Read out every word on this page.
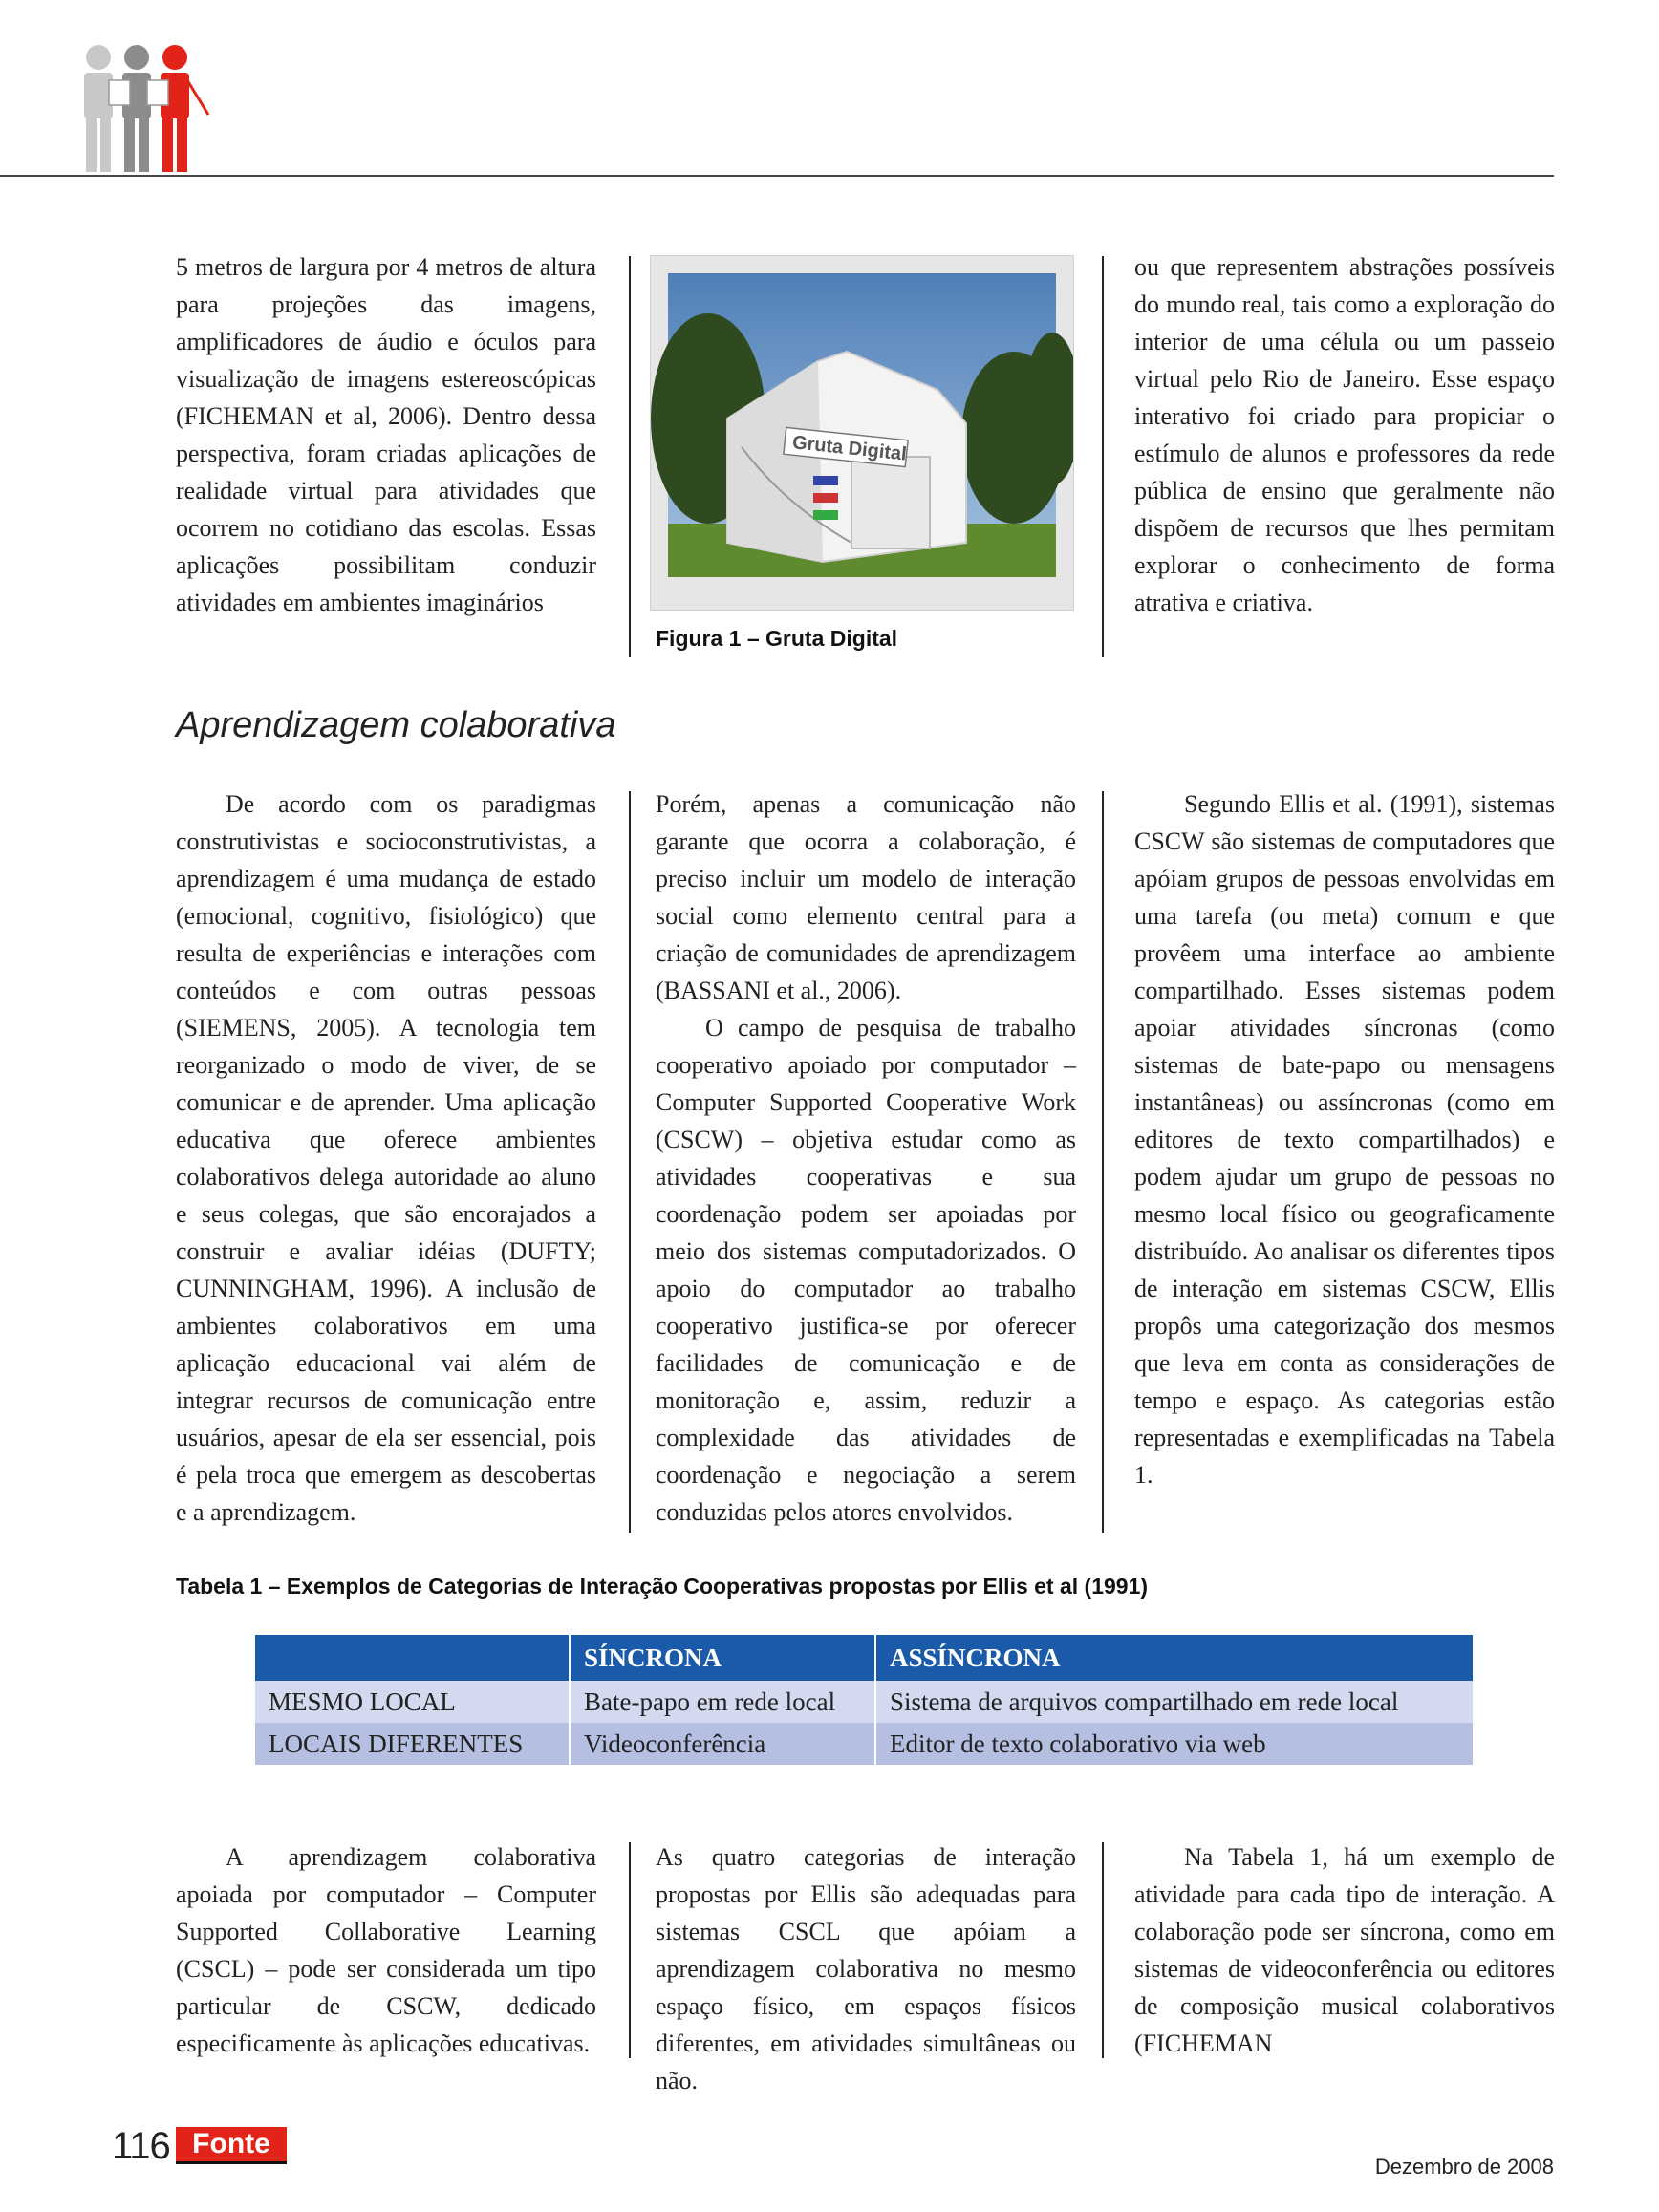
5 metros de largura por 4 metros de altura para projeções das imagens, amplificadores de áudio e óculos para visualização de imagens estereoscópicas (FICHEMAN et al, 2006). Dentro dessa perspectiva, foram criadas aplicações de realidade virtual para atividades que ocorrem no cotidiano das escolas. Essas aplicações possibilitam conduzir atividades em ambientes imaginários

Gruta Digital
Figura 1 – Gruta Digital

ou que representem abstrações possíveis do mundo real, tais como a exploração do interior de uma célula ou um passeio virtual pelo Rio de Janeiro. Esse espaço interativo foi criado para propiciar o estímulo de alunos e professores da rede pública de ensino que geralmente não dispõem de recursos que lhes permitam explorar o conhecimento de forma atrativa e criativa.

Aprendizagem colaborativa

De acordo com os paradigmas construtivistas e socioconstrutivistas, a aprendizagem é uma mudança de estado (emocional, cognitivo, fisiológico) que resulta de experiências e interações com conteúdos e com outras pessoas (SIEMENS, 2005). A tecnologia tem reorganizado o modo de viver, de se comunicar e de aprender. Uma aplicação educativa que oferece ambientes colaborativos delega autoridade ao aluno e seus colegas, que são encorajados a construir e avaliar idéias (DUFTY; CUNNINGHAM, 1996). A inclusão de ambientes colaborativos em uma aplicação educacional vai além de integrar recursos de comunicação entre usuários, apesar de ela ser essencial, pois é pela troca que emergem as descobertas e a aprendizagem.

Porém, apenas a comunicação não garante que ocorra a colaboração, é preciso incluir um modelo de interação social como elemento central para a criação de comunidades de aprendizagem (BASSANI et al., 2006).

O campo de pesquisa de trabalho cooperativo apoiado por computador – Computer Supported Cooperative Work (CSCW) – objetiva estudar como as atividades cooperativas e sua coordenação podem ser apoiadas por meio dos sistemas computadorizados. O apoio do computador ao trabalho cooperativo justifica-se por oferecer facilidades de comunicação e de monitoração e, assim, reduzir a complexidade das atividades de coordenação e negociação a serem conduzidas pelos atores envolvidos.

Segundo Ellis et al. (1991), sistemas CSCW são sistemas de computadores que apóiam grupos de pessoas envolvidas em uma tarefa (ou meta) comum e que provêem uma interface ao ambiente compartilhado. Esses sistemas podem apoiar atividades síncronas (como sistemas de bate-papo ou mensagens instantâneas) ou assíncronas (como em editores de texto compartilhados) e podem ajudar um grupo de pessoas no mesmo local físico ou geograficamente distribuído. Ao analisar os diferentes tipos de interação em sistemas CSCW, Ellis propôs uma categorização dos mesmos que leva em conta as considerações de tempo e espaço. As categorias estão representadas e exemplificadas na Tabela 1.

Tabela 1 – Exemplos de Categorias de Interação Cooperativas propostas por Ellis et al (1991)
	SÍNCRONA	ASSÍNCRONA
MESMO LOCAL	Bate-papo em rede local	Sistema de arquivos compartilhado em rede local
LOCAIS DIFERENTES	Videoconferência	Editor de texto colaborativo via web

A aprendizagem colaborativa apoiada por computador – Computer Supported Collaborative Learning (CSCL) – pode ser considerada um tipo particular de CSCW, dedicado especificamente às aplicações educativas.

As quatro categorias de interação propostas por Ellis são adequadas para sistemas CSCL que apóiam a aprendizagem colaborativa no mesmo espaço físico, em espaços físicos diferentes, em atividades simultâneas ou não.

Na Tabela 1, há um exemplo de atividade para cada tipo de interação. A colaboração pode ser síncrona, como em sistemas de videoconferência ou editores de composição musical colaborativos (FICHEMAN

116 Fonte
Dezembro de 2008
